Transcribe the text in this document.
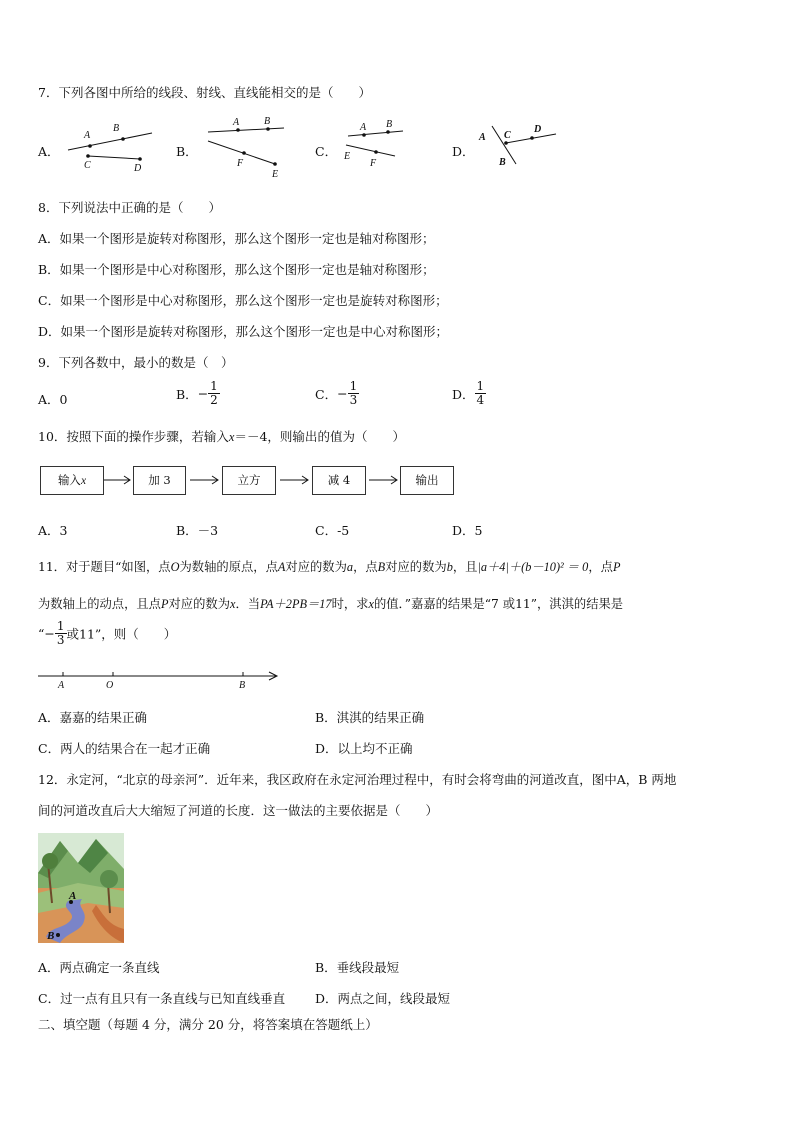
7．下列各图中所给的线段、射线、直线能相交的是（　　）
A．
A
B
C	D
B．
A B
F
E
C．
A B
E
F
D．
A C
D
B
8．下列说法中正确的是（　　）
A．如果一个图形是旋转对称图形，那么这个图形一定也是轴对称图形；
B．如果一个图形是中心对称图形，那么这个图形一定也是轴对称图形；
C．如果一个图形是中心对称图形，那么这个图形一定也是旋转对称图形；
D．如果一个图形是旋转对称图形，那么这个图形一定也是中心对称图形；
9．下列各数中，最小的数是（　）
A．0	B．− $\frac{1}{2}$	C．− $\frac{1}{3}$	D． $\frac{1}{4}$
10．按照下面的操作步骤，若输入x＝－4，则输出的值为（　　）
输入x	加 3	立方	减 4	输出
A．3	B．－3	C．-5	D．5
11．对于题目“如图，点O为数轴的原点，点A对应的数为a，点B对应的数为b，且|a＋4|＋(b－10)² ＝ 0，点P
为数轴上的动点，且点P对应的数为x．当PA＋2PB＝17时，求x的值．”嘉嘉的结果是“7 或11”，淇淇的结果是
“− $\frac{1}{3}$ 或11”，则（　　）
A	O	B
A．嘉嘉的结果正确	B．淇淇的结果正确
C．两人的结果合在一起才正确	D．以上均不正确
12．永定河，“北京的母亲河”．近年来，我区政府在永定河治理过程中，有时会将弯曲的河道改直，图中A，B 两地
间的河道改直后大大缩短了河道的长度．这一做法的主要依据是（　　）
A
B
A．两点确定一条直线	B．垂线段最短
C．过一点有且只有一条直线与已知直线垂直 D．两点之间，线段最短
二、填空题（每题 4 分，满分 20 分，将答案填在答题纸上）
